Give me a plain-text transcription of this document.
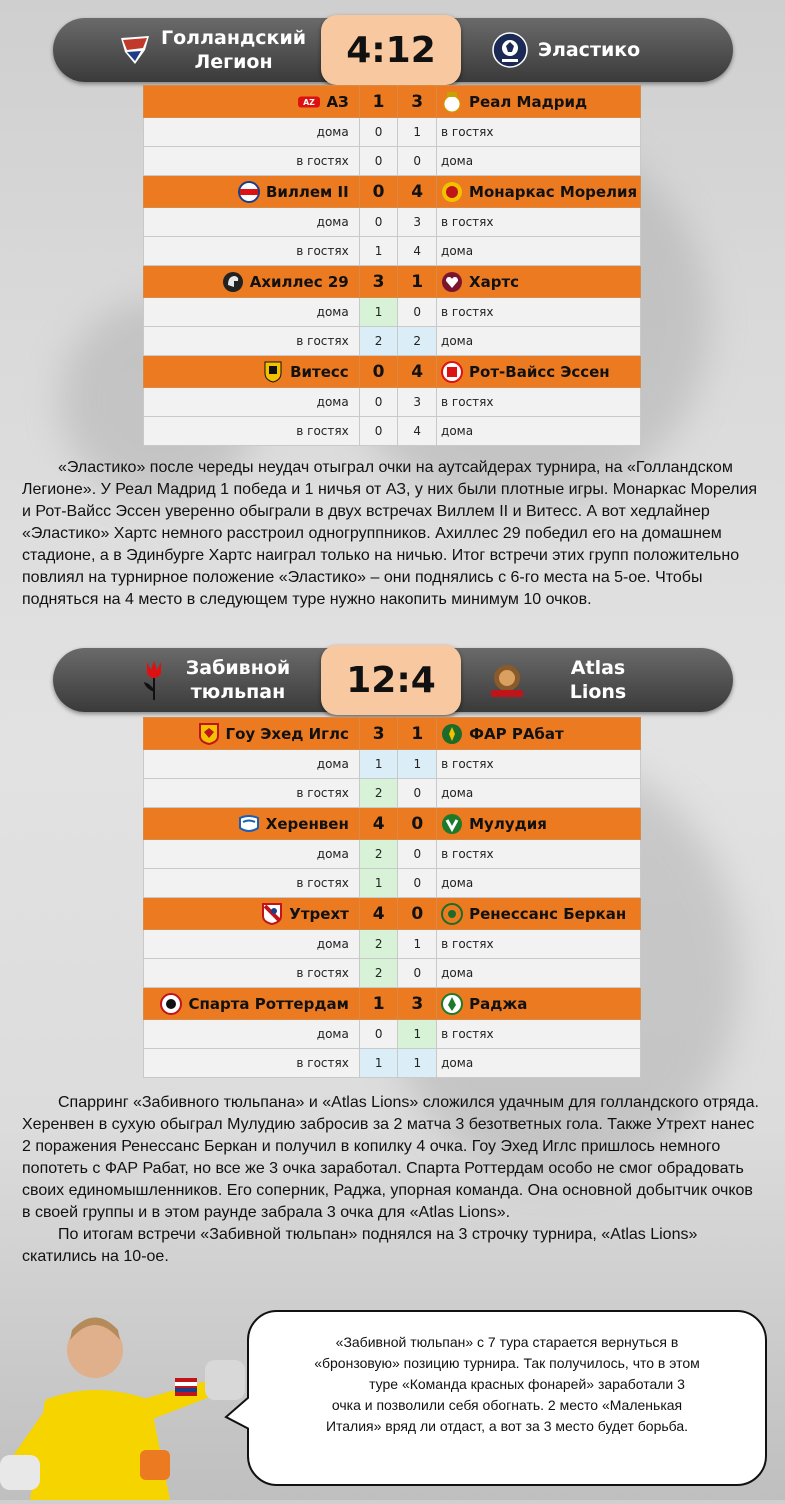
Голландский Легион	4:12	Эластико
AZ АЗ	1	3	Реал Мадрид

дома	0	1	в гостях
в гостях	0	0	дома

Виллем II	0	4	Монаркас Морелия

дома	0	3	в гостях
в гостях	1	4	дома

Ахиллес 29	3	1	Хартс

дома	1	0	в гостях
в гостях	2	2	дома

Витесс	0	4	Рот-Вайсс Эссен

дома	0	3	в гостях
в гостях	0	4	дома

«Эластико» после череды неудач отыграл очки на аутсайдерах турнира, на «Голландском Легионе». У Реал Мадрид 1 победа и 1 ничья от АЗ, у них были плотные игры. Монаркас Морелия и Рот-Вайсс Эссен уверенно обыграли в двух встречах Виллем II и Витесс. А вот хедлайнер «Эластико» Хартс немного расстроил одногруппников. Ахиллес 29 победил его на домашнем стадионе, а в Эдинбурге Хартс наиграл только на ничью. Итог встречи этих групп положительно повлиял на турнирное положение «Эластико» – они поднялись с 6-го места на 5-ое. Чтобы подняться на 4 место в следующем туре нужно накопить минимум 10 очков.

Забивной тюльпан 12:4	Atlas Lions
Гоу Эхед Иглс	3	1	ФАР РАбат

дома	1	1	в гостях
в гостях	2	0	дома

Херенвен	4	0	Мулудия

дома	2	0	в гостях
в гостях	1	0	дома

Утрехт	4	0	Ренессанс Беркан

дома	2	1	в гостях
в гостях	2	0	дома

Спарта Роттердам	1	3	Раджа

дома	0	1	в гостях
в гостях	1	1	дома

Спарринг «Забивного тюльпана» и «Atlas Lions» сложился удачным для голландского отряда. Херенвен в сухую обыграл Мулудию забросив за 2 матча 3 безответных гола. Также Утрехт нанес 2 поражения Ренессанс Беркан и получил в копилку 4 очка. Гоу Эхед Иглс пришлось немного попотеть с ФАР Рабат, но все же 3 очка заработал. Спарта Роттердам особо не смог обрадовать своих единомышленников. Его соперник, Раджа, упорная команда. Она основной добытчик очков в своей группы и в этом раунде забрала 3 очка для «Atlas Lions».

По итогам встречи «Забивной тюльпан» поднялся на 3 строчку турнира, «Atlas Lions» скатились на 10-ое.

«Забивной тюльпан» с 7 тура старается вернуться в
«бронзовую» позицию турнира. Так получилось, что в этом
туре «Команда красных фонарей» заработали 3
очка и позволили себя обогнать. 2 место «Маленькая
Италия» вряд ли отдаст, а вот за 3 место будет борьба.
